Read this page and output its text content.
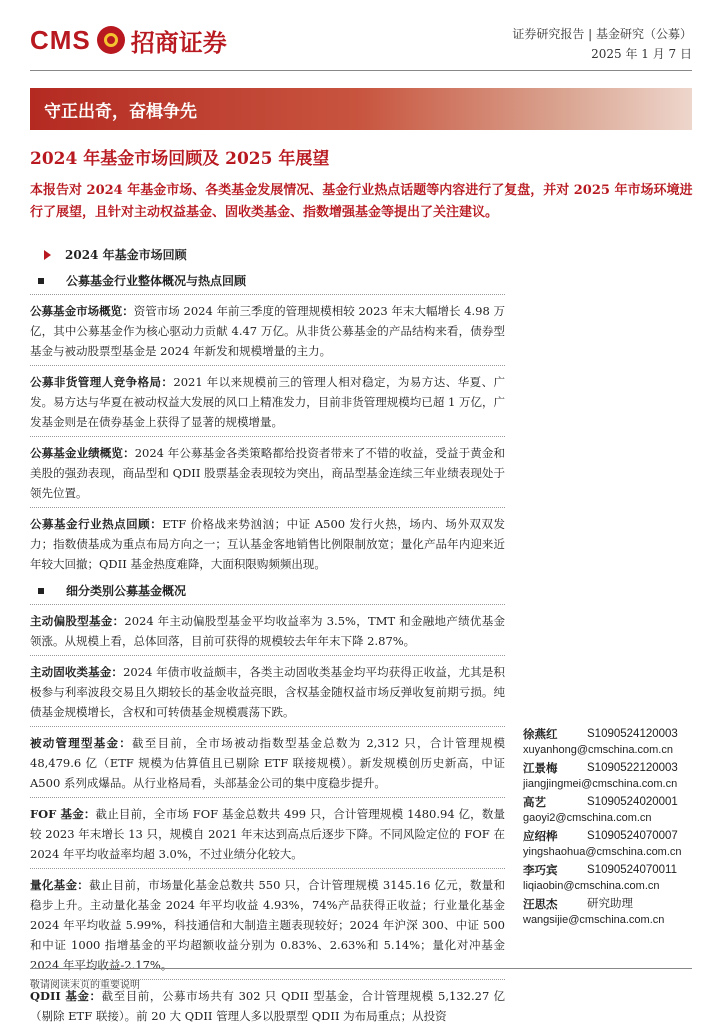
CMS 招商证券	证券研究报告 | 基金研究（公募）
2025 年 1 月 7 日
守正出奇，奋楫争先
2024 年基金市场回顾及 2025 年展望
本报告对 2024 年基金市场、各类基金发展情况、基金行业热点话题等内容进行了复盘，并对 2025 年市场环境进行了展望，且针对主动权益基金、固收类基金、指数增强基金等提出了关注建议。
2024 年基金市场回顾
公募基金行业整体概况与热点回顾
公募基金市场概览：资管市场 2024 年前三季度的管理规模相较 2023 年末大幅增长 4.98 万亿，其中公募基金作为核心驱动力贡献 4.47 万亿。从非货公募基金的产品结构来看，债券型基金与被动股票型基金是 2024 年新发和规模增量的主力。
公募非货管理人竞争格局：2021 年以来规模前三的管理人相对稳定，为易方达、华夏、广发。易方达与华夏在被动权益大发展的风口上精准发力，目前非货管理规模均已超 1 万亿，广发基金则是在债券基金上获得了显著的规模增量。
公募基金业绩概览：2024 年公募基金各类策略都给投资者带来了不错的收益，受益于黄金和美股的强劲表现，商品型和 QDII 股票基金表现较为突出，商品型基金连续三年业绩表现处于领先位置。
公募基金行业热点回顾：ETF 价格战来势汹汹；中证 A500 发行火热，场内、场外双双发力；指数债基成为重点布局方向之一；互认基金客地销售比例限制放宽；量化产品年内迎来近年较大回撤；QDII 基金热度难降，大面积限购频频出现。
细分类别公募基金概况
主动偏股型基金：2024 年主动偏股型基金平均收益率为 3.5%，TMT 和金融地产绩优基金领涨。从规模上看，总体回落，目前可获得的规模较去年年末下降 2.87%。
主动固收类基金：2024 年债市收益颇丰，各类主动固收类基金均平均获得正收益，尤其是积极参与利率波段交易且久期较长的基金收益亮眼，含权基金随权益市场反弹收复前期亏损。纯债基金规模增长，含权和可转债基金规模震荡下跌。
被动管理型基金：截至目前，全市场被动指数型基金总数为 2,312 只，合计管理规模 48,479.6 亿（ETF 规模为估算值且已剔除 ETF 联接规模）。新发规模创历史新高，中证 A500 系列成爆品。从行业格局看，头部基金公司的集中度稳步提升。
FOF 基金：截止目前，全市场 FOF 基金总数共 499 只，合计管理规模 1480.94 亿，数量较 2023 年末增长 13 只，规模自 2021 年末达到高点后逐步下降。不同风险定位的 FOF 在 2024 年平均收益率均超 3.0%，不过业绩分化较大。
量化基金：截止目前，市场量化基金总数共 550 只，合计管理规模 3145.16 亿元，数量和稳步上升。主动量化基金 2024 年平均收益 4.93%，74%产品获得正收益；行业量化基金 2024 年平均收益 5.99%，科技通信和大制造主题表现较好；2024 年沪深 300、中证 500 和中证 1000 指增基金的平均超额收益分别为 0.83%、2.63%和 5.14%；量化对冲基金 2024 年平均收益-2.17%。
QDII 基金：截至目前，公募市场共有 302 只 QDII 型基金，合计管理规模 5,132.27 亿（剔除 ETF 联接）。前 20 大 QDII 管理人多以股票型 QDII 为布局重点；从投资
徐燕红	S1090524120003
xuyanhong@cmschina.com.cn
江景梅	S1090522120003
jiangjingmei@cmschina.com.cn
高艺	S1090524020001
gaoyi2@cmschina.com.cn
应绍桦	S1090524070007
yingshaohua@cmschina.com.cn
李巧宾	S1090524070011
liqiaobin@cmschina.com.cn
汪思杰	研究助理
wangsijie@cmschina.com.cn
敬请阅读末页的重要说明
